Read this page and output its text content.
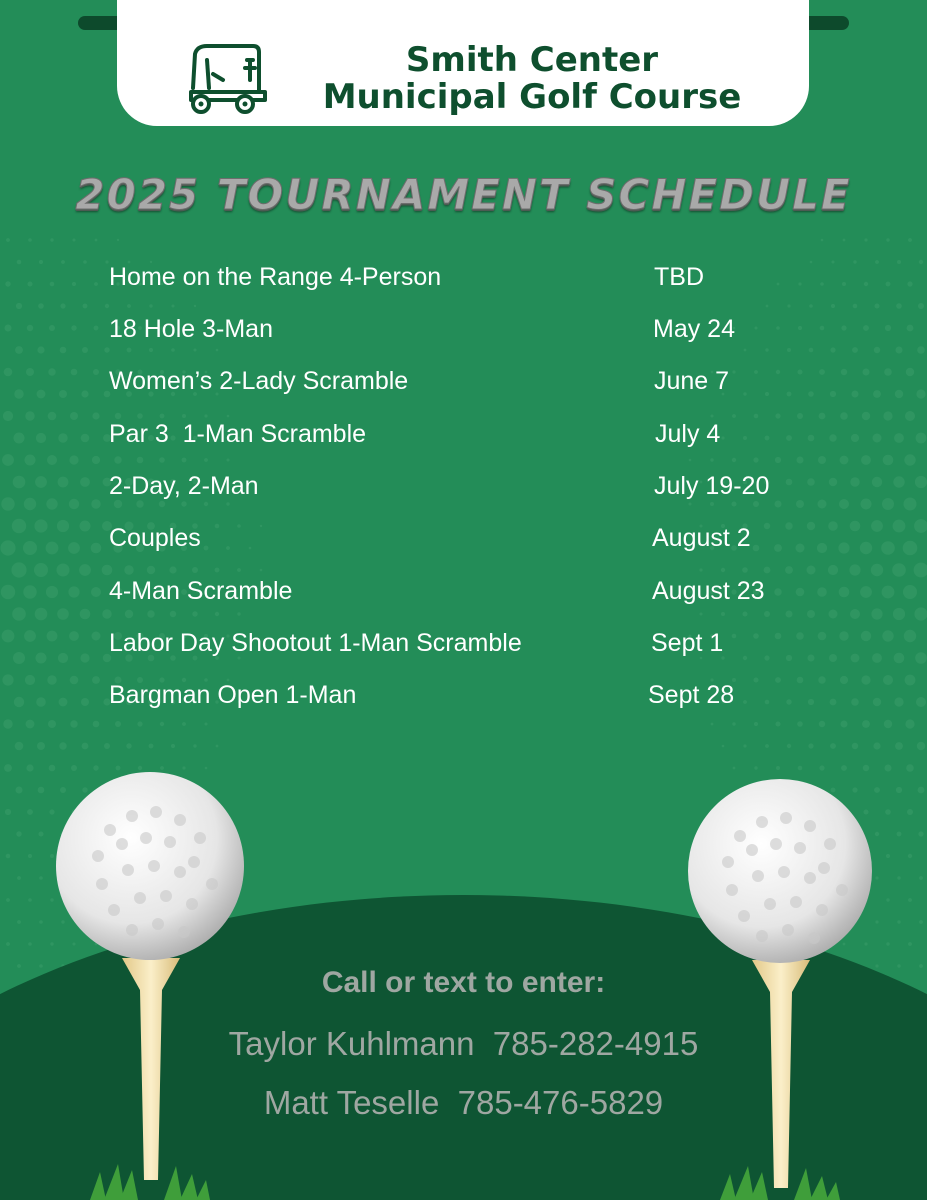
Smith Center
Municipal Golf Course
2025 TOURNAMENT SCHEDULE
Home on the Range 4-Person	TBD
18 Hole 3-Man	May 24
Women’s 2-Lady Scramble	June 7
Par 3  1-Man Scramble	July 4
2-Day, 2-Man	July 19-20
Couples	August 2
4-Man Scramble	August 23
Labor Day Shootout 1-Man Scramble	Sept 1
Bargman Open 1-Man	Sept 28
Call or text to enter:
Taylor Kuhlmann  785-282-4915
Matt Teselle  785-476-5829
